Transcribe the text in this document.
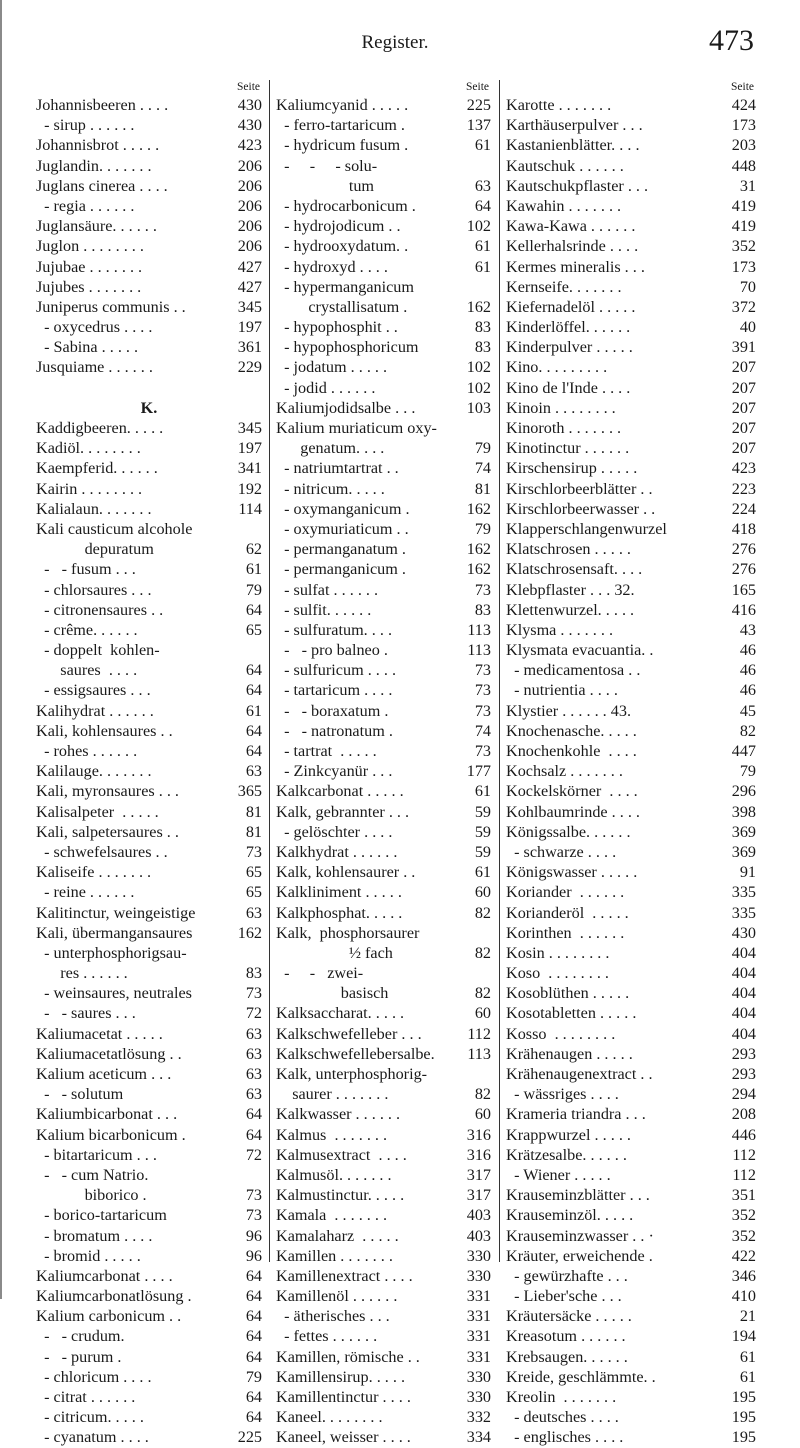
Register.	473
Seite
Johannisbeeren . . . .	430
- sirup . . . . . .	430
Johannisbrot . . . . .	423
Juglandin. . . . . . .	206
Juglans cinerea . . . .	206
- regia . . . . . .	206
Juglansäure. . . . . .	206
Juglon . . . . . . . .	206
Jujubae . . . . . . .	427
Jujubes . . . . . . .	427
Juniperus communis . .	345
- oxycedrus . . . .	197
- Sabina . . . . .	361
Jusquiame . . . . . .	229
K.
Kaddigbeeren. . . . .	345
Kadiöl. . . . . . . .	197
Kaempferid. . . . . .	341
Kairin . . . . . . . .	192
Kalialaun. . . . . . .	114
Kali causticum alcohole
depuratum	62
-   - fusum . . .	61
- chlorsaures . . .	79
- citronensaures . .	64
- crême. . . . . .	65
- doppelt  kohlen-
saures  . . . .	64
- essigsaures . . .	64
Kalihydrat . . . . . .	61
Kali, kohlensaures . .	64
- rohes . . . . . .	64
Kalilauge. . . . . . .	63
Kali, myronsaures . . .	365
Kalisalpeter  . . . . .	81
Kali, salpetersaures . .	81
- schwefelsaures . .	73
Kaliseife . . . . . . .	65
- reine . . . . . .	65
Kalitinctur, weingeistige	63
Kali, übermangansaures	162
- unterphosphorigsau-
res . . . . . .	83
- weinsaures, neutrales	73
-   - saures . . .	72
Kaliumacetat . . . . .	63
Kaliumacetatlösung . .	63
Kalium aceticum . . .	63
-   - solutum	63
Kaliumbicarbonat . . .	64
Kalium bicarbonicum .	64
- bitartaricum . . .	72
-   - cum Natrio.
biborico .	73
- borico-tartaricum	73
- bromatum . . . .	96
- bromid . . . . .	96
Kaliumcarbonat . . . .	64
Kaliumcarbonatlösung .	64
Kalium carbonicum . .	64
-   - crudum.	64
-   - purum .	64
- chloricum . . . .	79
- citrat . . . . . .	64
- citricum. . . . .	64
- cyanatum . . . .	225
Seite
Kaliumcyanid . . . . .	225
- ferro-tartaricum .	137
- hydricum fusum .	61
-     -     - solu-
tum	63
- hydrocarbonicum .	64
- hydrojodicum . .	102
- hydrooxydatum. .	61
- hydroxyd . . . .	61
- hypermanganicum
crystallisatum .	162
- hypophosphit . .	83
- hypophosphoricum	83
- jodatum . . . . .	102
- jodid . . . . . .	102
Kaliumjodidsalbe . . .	103
Kalium muriaticum oxy-
genatum. . . .	79
- natriumtartrat . .	74
- nitricum. . . . .	81
- oxymanganicum .	162
- oxymuriaticum . .	79
- permanganatum .	162
- permanganicum .	162
- sulfat . . . . . .	73
- sulfit. . . . . .	83
- sulfuratum. . . .	113
-   - pro balneo .	113
- sulfuricum . . . .	73
- tartaricum . . . .	73
-   - boraxatum .	73
-   - natronatum .	74
- tartrat  . . . . .	73
- Zinkcyanür . . .	177
Kalkcarbonat . . . . .	61
Kalk, gebrannter . . .	59
- gelöschter . . . .	59
Kalkhydrat . . . . . .	59
Kalk, kohlensaurer . .	61
Kalkliniment . . . . .	60
Kalkphosphat. . . . .	82
Kalk,  phosphorsaurer
½ fach	82
-     -   zwei-
basisch	82
Kalksaccharat. . . . .	60
Kalkschwefelleber . . .	112
Kalkschwefellebersalbe.	113
Kalk, unterphosphorig-
saurer . . . . . . .	82
Kalkwasser . . . . . .	60
Kalmus  . . . . . . .	316
Kalmusextract  . . . .	316
Kalmusöl. . . . . . .	317
Kalmustinctur. . . . .	317
Kamala  . . . . . . .	403
Kamalaharz  . . . . .	403
Kamillen . . . . . . .	330
Kamillenextract . . . .	330
Kamillenöl . . . . . .	331
- ätherisches . . .	331
- fettes . . . . . .	331
Kamillen, römische . .	331
Kamillensirup. . . . .	330
Kamillentinctur . . . .	330
Kaneel. . . . . . . .	332
Kaneel, weisser . . . .	334
Seite
Karotte . . . . . . .	424
Karthäuserpulver . . .	173
Kastanienblätter. . . .	203
Kautschuk . . . . . .	448
Kautschukpflaster . . .	31
Kawahin . . . . . . .	419
Kawa-Kawa . . . . . .	419
Kellerhalsrinde . . . .	352
Kermes mineralis . . .	173
Kernseife. . . . . . .	70
Kiefernadelöl . . . . .	372
Kinderlöffel. . . . . .	40
Kinderpulver . . . . .	391
Kino. . . . . . . . .	207
Kino de l'Inde . . . .	207
Kinoin . . . . . . . .	207
Kinoroth . . . . . . .	207
Kinotinctur . . . . . .	207
Kirschensirup . . . . .	423
Kirschlorbeerblätter . .	223
Kirschlorbeerwasser . .	224
Klapperschlangenwurzel	418
Klatschrosen . . . . .	276
Klatschrosensaft. . . .	276
Klebpflaster . . . 32.	165
Klettenwurzel. . . . .	416
Klysma . . . . . . .	43
Klysmata evacuantia. .	46
- medicamentosa . .	46
- nutrientia . . . .	46
Klystier . . . . . . 43.	45
Knochenasche. . . . .	82
Knochenkohle  . . . .	447
Kochsalz . . . . . . .	79
Kockelskörner  . . . .	296
Kohlbaumrinde . . . .	398
Königssalbe. . . . . .	369
- schwarze . . . .	369
Königswasser . . . . .	91
Koriander  . . . . . .	335
Korianderöl  . . . . .	335
Korinthen  . . . . . .	430
Kosin . . . . . . . .	404
Koso  . . . . . . . .	404
Kosoblüthen . . . . .	404
Kosotabletten . . . . .	404
Kosso  . . . . . . . .	404
Krähenaugen . . . . .	293
Krähenaugenextract . .	293
- wässriges . . . .	294
Krameria triandra . . .	208
Krappwurzel . . . . .	446
Krätzesalbe. . . . . .	112
- Wiener . . . . .	112
Krauseminzblätter . . .	351
Krauseminzöl. . . . .	352
Krauseminzwasser . . ·	352
Kräuter, erweichende .	422
- gewürzhafte . . .	346
- Lieber'sche . . .	410
Kräutersäcke . . . . .	21
Kreasotum . . . . . .	194
Krebsaugen. . . . . .	61
Kreide, geschlämmte. .	61
Kreolin  . . . . . . .	195
- deutsches . . . .	195
- englisches . . . .	195
